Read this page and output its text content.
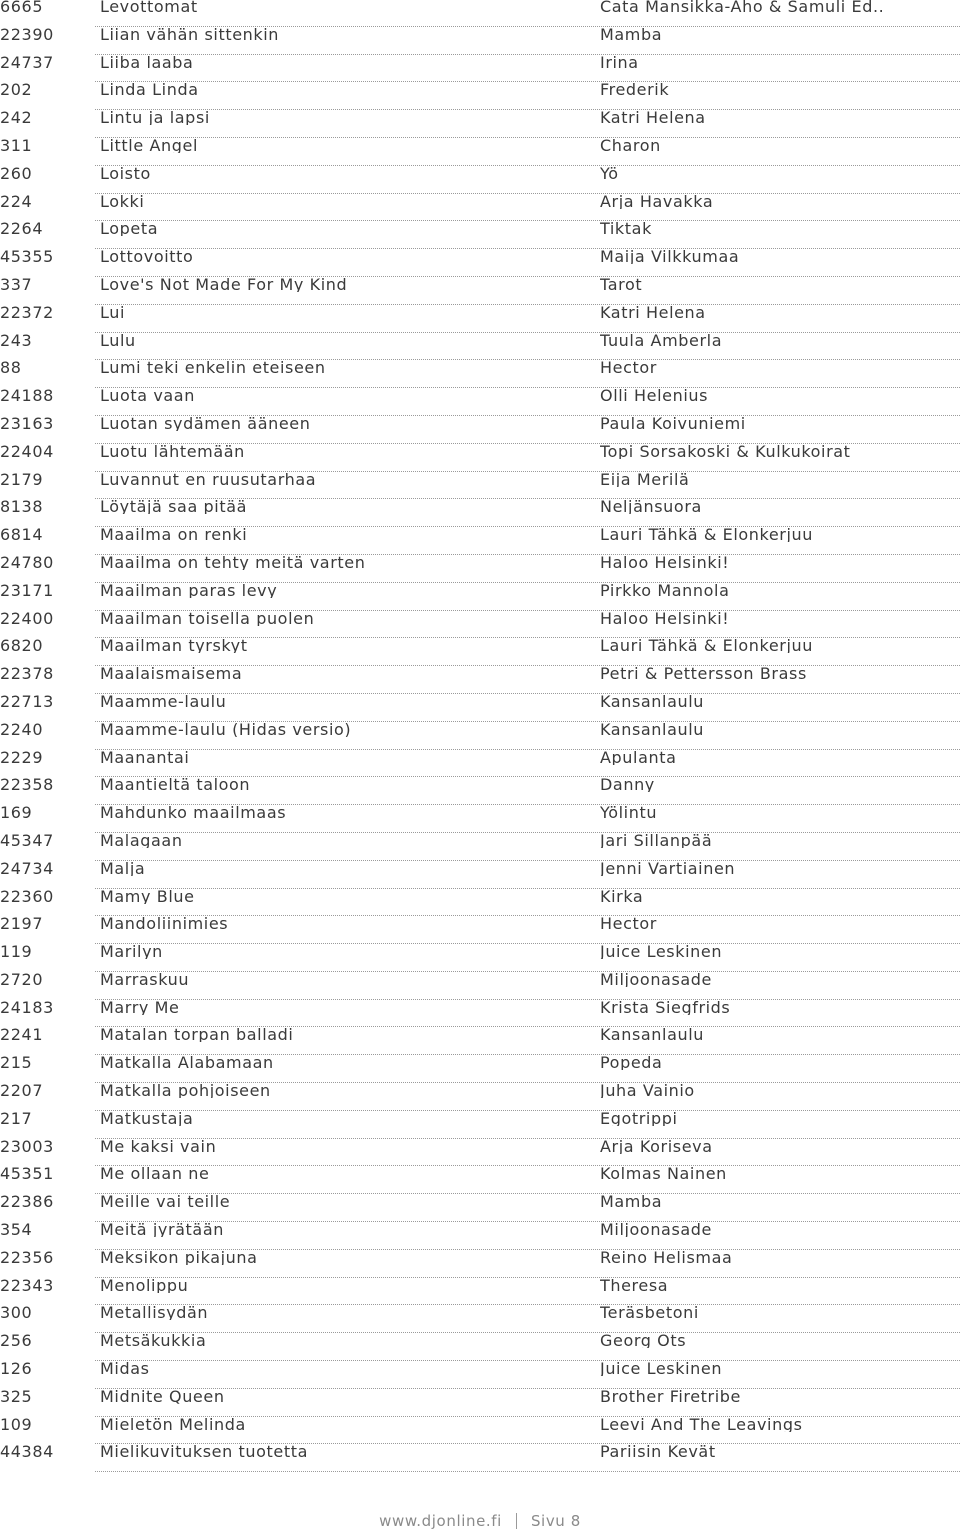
6665	Levottomat	Cata Mansikka-Aho & Samuli Ed..
22390	Liian vähän sittenkin	Mamba
24737	Liiba laaba	Irina
202	Linda Linda	Frederik
242	Lintu ja lapsi	Katri Helena
311	Little Angel	Charon
260	Loisto	Yö
224	Lokki	Arja Havakka
2264	Lopeta	Tiktak
45355	Lottovoitto	Maija Vilkkumaa
337	Love's Not Made For My Kind	Tarot
22372	Lui	Katri Helena
243	Lulu	Tuula Amberla
88	Lumi teki enkelin eteiseen	Hector
24188	Luota vaan	Olli Helenius
23163	Luotan sydämen ääneen	Paula Koivuniemi
22404	Luotu lähtemään	Topi Sorsakoski & Kulkukoirat
2179	Luvannut en ruusutarhaa	Eija Merilä
8138	Löytäjä saa pitää	Neljänsuora
6814	Maailma on renki	Lauri Tähkä & Elonkerjuu
24780	Maailma on tehty meitä varten	Haloo Helsinki!
23171	Maailman paras levy	Pirkko Mannola
22400	Maailman toisella puolen	Haloo Helsinki!
6820	Maailman tyrskyt	Lauri Tähkä & Elonkerjuu
22378	Maalaismaisema	Petri & Pettersson Brass
22713	Maamme-laulu	Kansanlaulu
2240	Maamme-laulu (Hidas versio)	Kansanlaulu
2229	Maanantai	Apulanta
22358	Maantieltä taloon	Danny
169	Mahdunko maailmaas	Yölintu
45347	Malagaan	Jari Sillanpää
24734	Malja	Jenni Vartiainen
22360	Mamy Blue	Kirka
2197	Mandoliinimies	Hector
119	Marilyn	Juice Leskinen
2720	Marraskuu	Miljoonasade
24183	Marry Me	Krista Siegfrids
2241	Matalan torpan balladi	Kansanlaulu
215	Matkalla Alabamaan	Popeda
2207	Matkalla pohjoiseen	Juha Vainio
217	Matkustaja	Egotrippi
23003	Me kaksi vain	Arja Koriseva
45351	Me ollaan ne	Kolmas Nainen
22386	Meille vai teille	Mamba
354	Meitä jyrätään	Miljoonasade
22356	Meksikon pikajuna	Reino Helismaa
22343	Menolippu	Theresa
300	Metallisydän	Teräsbetoni
256	Metsäkukkia	Georg Ots
126	Midas	Juice Leskinen
325	Midnite Queen	Brother Firetribe
109	Mieletön Melinda	Leevi And The Leavings
44384	Mielikuvituksen tuotetta	Pariisin Kevät
www.djonline.fi Sivu 8
